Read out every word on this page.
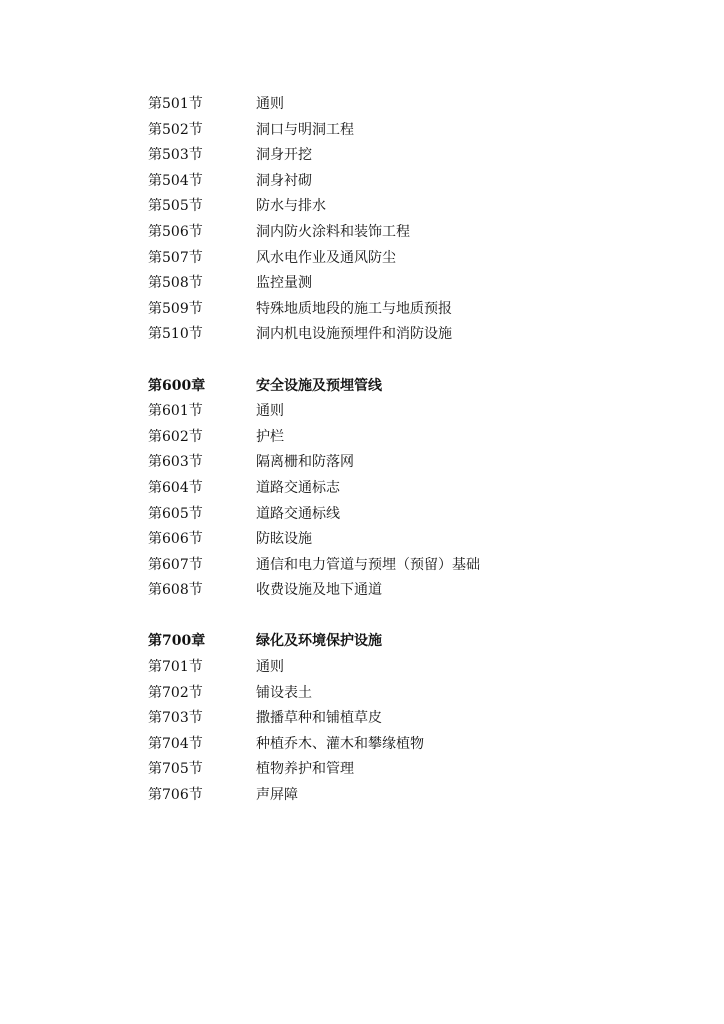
第501节	通则
第502节	洞口与明洞工程
第503节	洞身开挖
第504节	洞身衬砌
第505节	防水与排水
第506节	洞内防火涂料和装饰工程
第507节	风水电作业及通风防尘
第508节	监控量测
第509节	特殊地质地段的施工与地质预报
第510节	洞内机电设施预埋件和消防设施
第600章	安全设施及预埋管线
第601节	通则
第602节	护栏
第603节	隔离栅和防落网
第604节	道路交通标志
第605节	道路交通标线
第606节	防眩设施
第607节	通信和电力管道与预埋（预留）基础
第608节	收费设施及地下通道
第700章	绿化及环境保护设施
第701节	通则
第702节	铺设表土
第703节	撒播草种和铺植草皮
第704节	种植乔木、灌木和攀缘植物
第705节	植物养护和管理
第706节	声屏障
